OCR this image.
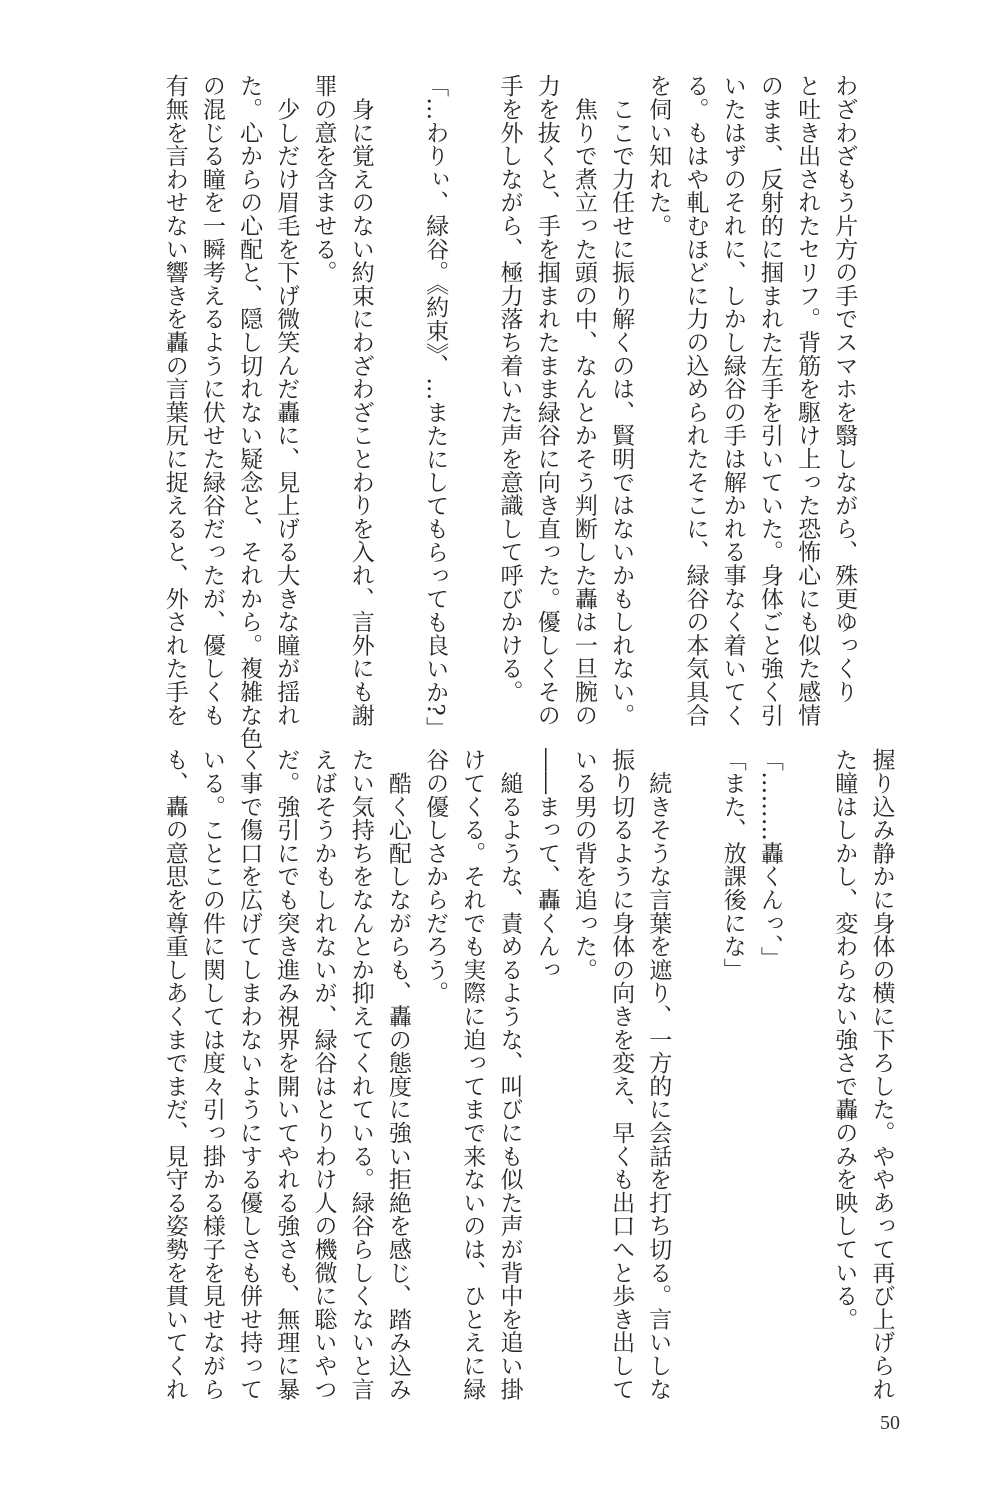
わざわざもう片方の手でスマホを翳しながら、殊更ゆっくり
と吐き出されたセリフ。背筋を駆け上った恐怖心にも似た感情
のまま、反射的に掴まれた左手を引いていた。身体ごと強く引
いたはずのそれに、しかし緑谷の手は解かれる事なく着いてく
る。もはや軋むほどに力の込められたそこに、緑谷の本気具合
を伺い知れた。
　ここで力任せに振り解くのは、賢明ではないかもしれない。
　焦りで煮立った頭の中、なんとかそう判断した轟は一旦腕の
力を抜くと、手を掴まれたまま緑谷に向き直った。優しくその
手を外しながら、極力落ち着いた声を意識して呼びかける。
「…わりぃ、緑谷。《約束》、…またにしてもらっても良いか?」
　身に覚えのない約束にわざわざことわりを入れ、言外にも謝
罪の意を含ませる。
　少しだけ眉毛を下げ微笑んだ轟に、見上げる大きな瞳が揺れ
た。心からの心配と、隠し切れない疑念と、それから。複雑な色
の混じる瞳を一瞬考えるように伏せた緑谷だったが、優しくも
有無を言わせない響きを轟の言葉尻に捉えると、外された手を
握り込み静かに身体の横に下ろした。ややあって再び上げられ
た瞳はしかし、変わらない強さで轟のみを映している。
「………轟くんっ、」
「また、放課後にな」
　続きそうな言葉を遮り、一方的に会話を打ち切る。言いしな
振り切るように身体の向きを変え、早くも出口へと歩き出して
いる男の背を追った。
――まって、轟くんっ
　縋るような、責めるような、叫びにも似た声が背中を追い掛
けてくる。それでも実際に迫ってまで来ないのは、ひとえに緑
谷の優しさからだろう。
　酷く心配しながらも、轟の態度に強い拒絶を感じ、踏み込み
たい気持ちをなんとか抑えてくれている。緑谷らしくないと言
えばそうかもしれないが、緑谷はとりわけ人の機微に聡いやつ
だ。強引にでも突き進み視界を開いてやれる強さも、無理に暴
く事で傷口を広げてしまわないようにする優しさも併せ持って
いる。ことこの件に関しては度々引っ掛かる様子を見せながら
も、轟の意思を尊重しあくまでまだ、見守る姿勢を貫いてくれ
50
